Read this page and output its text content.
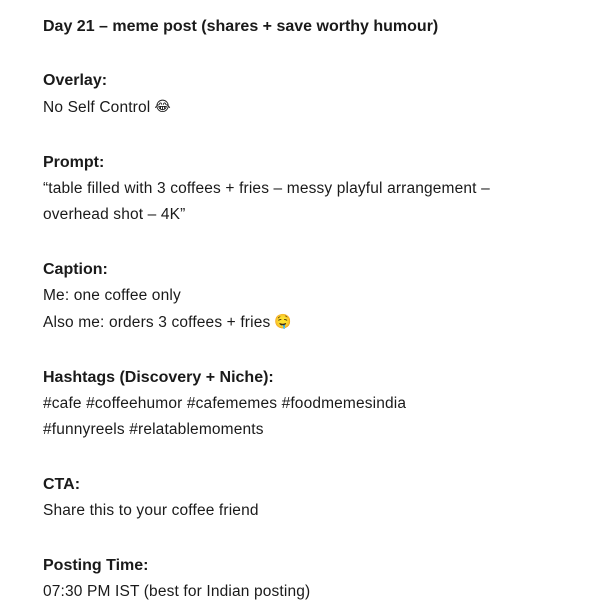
Day 21 – meme post (shares + save worthy humour)
Overlay:
No Self Control 😂
Prompt:
“table filled with 3 coffees + fries – messy playful arrangement –
overhead shot – 4K”
Caption:
Me: one coffee only
Also me: orders 3 coffees + fries 🤤
Hashtags (Discovery + Niche):
#cafe #coffeehumor #cafememes #foodmemesindia
#funnyreels #relatablemoments
CTA:
Share this to your coffee friend
Posting Time:
07:30 PM IST (best for Indian posting)
